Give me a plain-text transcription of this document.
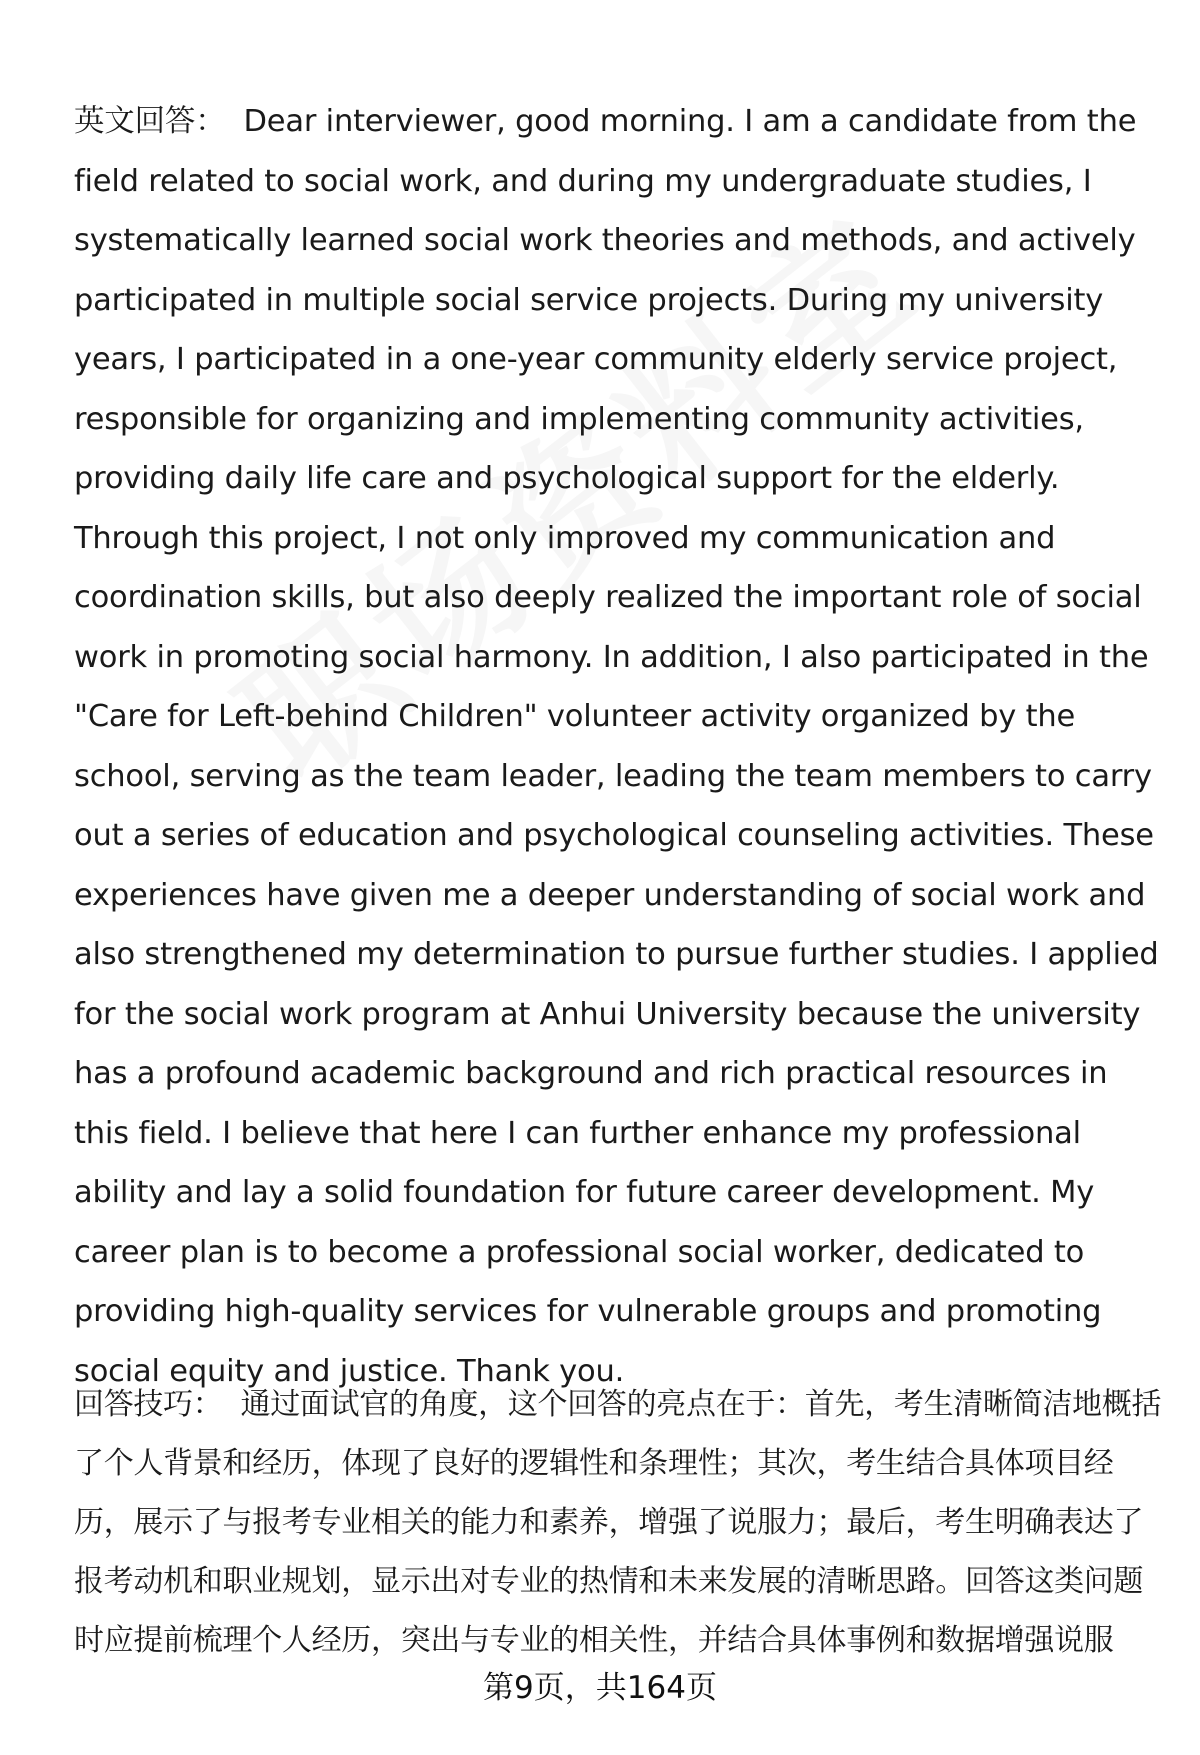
英文回答： Dear interviewer, good morning. I am a candidate from the field related to social work, and during my undergraduate studies, I systematically learned social work theories and methods, and actively participated in multiple social service projects. During my university years, I participated in a one-year community elderly service project, responsible for organizing and implementing community activities, providing daily life care and psychological support for the elderly. Through this project, I not only improved my communication and coordination skills, but also deeply realized the important role of social work in promoting social harmony. In addition, I also participated in the "Care for Left-behind Children" volunteer activity organized by the school, serving as the team leader, leading the team members to carry out a series of education and psychological counseling activities. These experiences have given me a deeper understanding of social work and also strengthened my determination to pursue further studies. I applied for the social work program at Anhui University because the university has a profound academic background and rich practical resources in this field. I believe that here I can further enhance my professional ability and lay a solid foundation for future career development. My career plan is to become a professional social worker, dedicated to providing high-quality services for vulnerable groups and promoting social equity and justice. Thank you.
回答技巧： 通过面试官的角度，这个回答的亮点在于：首先，考生清晰简洁地概括了个人背景和经历，体现了良好的逻辑性和条理性；其次，考生结合具体项目经历，展示了与报考专业相关的能力和素养，增强了说服力；最后，考生明确表达了报考动机和职业规划，显示出对专业的热情和未来发展的清晰思路。回答这类问题时应提前梳理个人经历，突出与专业的相关性，并结合具体事例和数据增强说服
第9页，共164页
